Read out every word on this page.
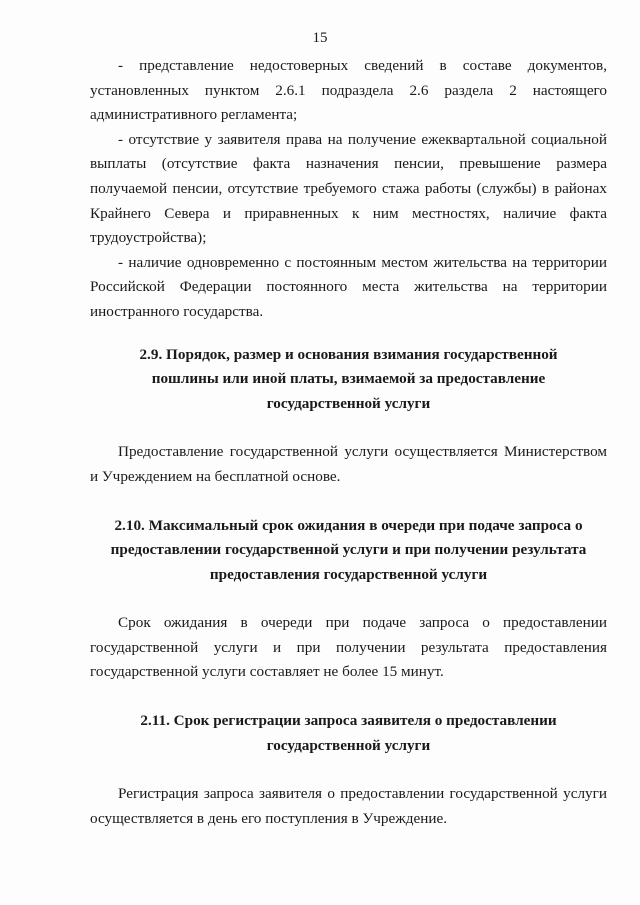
15

- представление недостоверных сведений в составе документов, установленных пунктом 2.6.1 подраздела 2.6 раздела 2 настоящего административного регламента;

- отсутствие у заявителя права на получение ежеквартальной социальной выплаты (отсутствие факта назначения пенсии, превышение размера получаемой пенсии, отсутствие требуемого стажа работы (службы) в районах Крайнего Севера и приравненных к ним местностях, наличие факта трудоустройства);

- наличие одновременно с постоянным местом жительства на территории Российской Федерации постоянного места жительства на территории иностранного государства.

2.9. Порядок, размер и основания взимания государственной пошлины или иной платы, взимаемой за предоставление государственной услуги

Предоставление государственной услуги осуществляется Министерством и Учреждением на бесплатной основе.

2.10. Максимальный срок ожидания в очереди при подаче запроса о предоставлении государственной услуги и при получении результата предоставления государственной услуги

Срок ожидания в очереди при подаче запроса о предоставлении государственной услуги и при получении результата предоставления государственной услуги составляет не более 15 минут.

2.11. Срок регистрации запроса заявителя о предоставлении государственной услуги

Регистрация запроса заявителя о предоставлении государственной услуги осуществляется в день его поступления в Учреждение.
